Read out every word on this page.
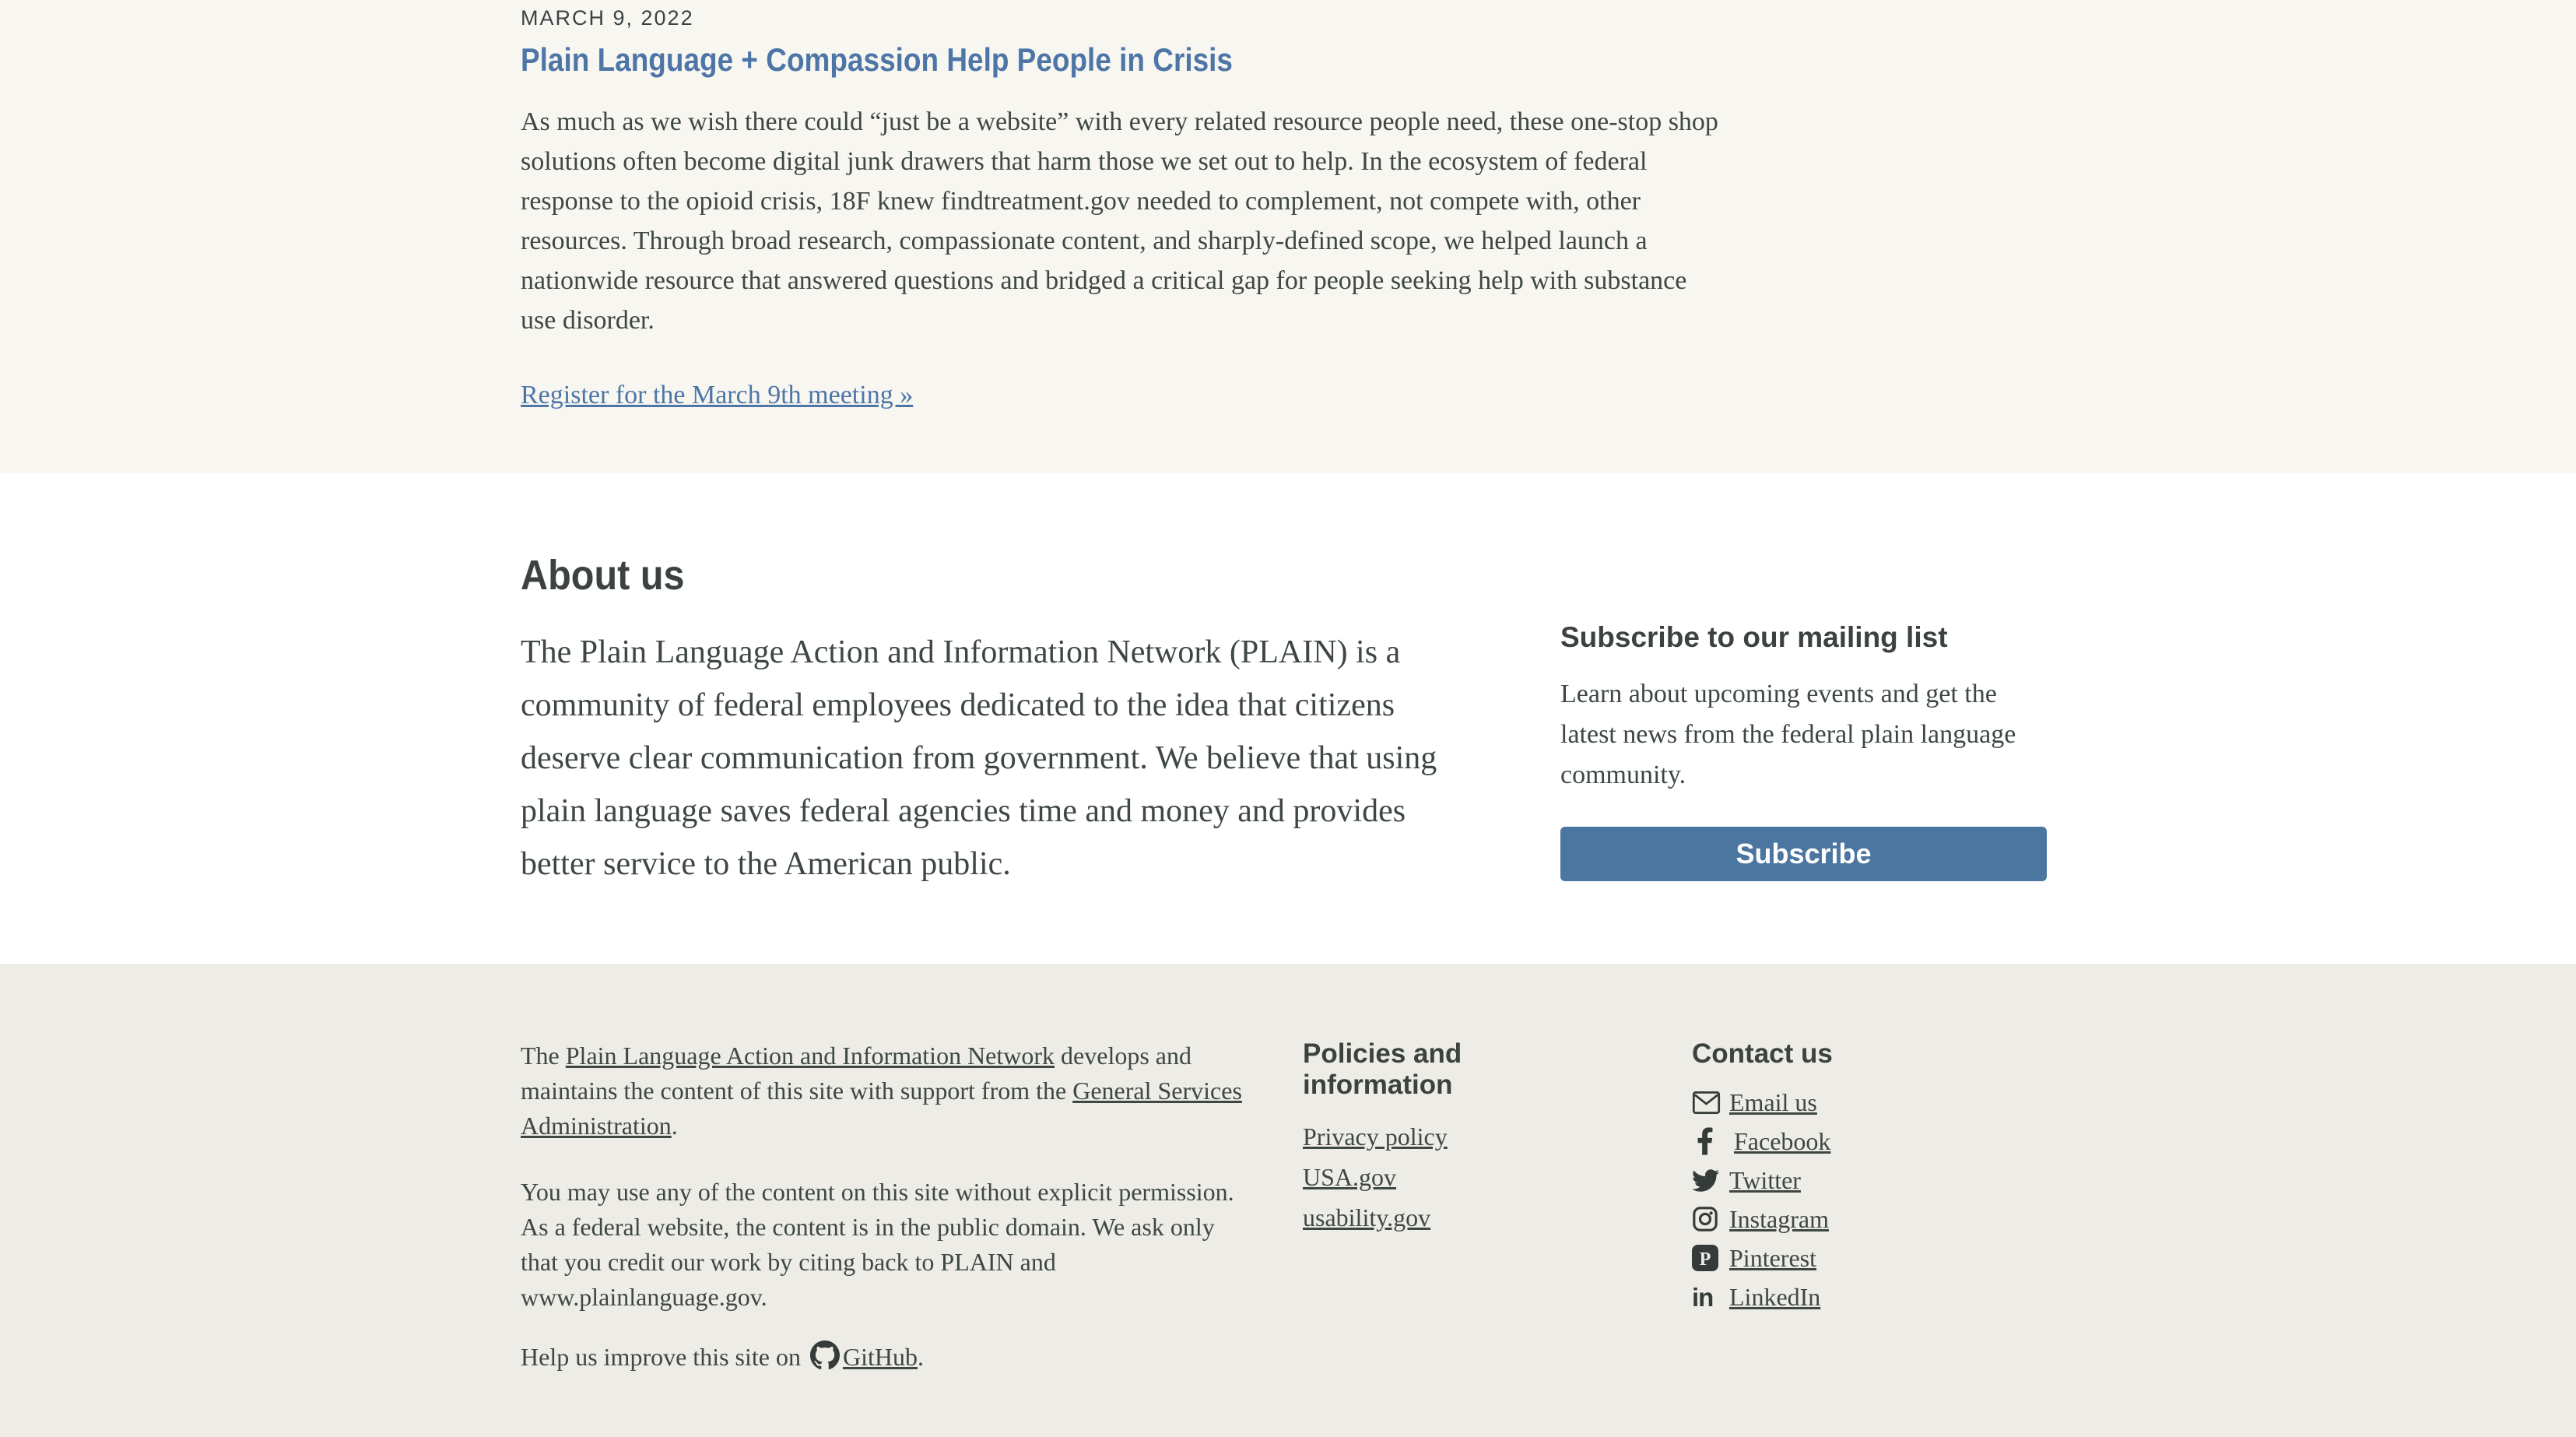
MARCH 9, 2022
Plain Language + Compassion Help People in Crisis

As much as we wish there could “just be a website” with every related resource people need, these one-stop shop solutions often become digital junk drawers that harm those we set out to help. In the ecosystem of federal response to the opioid crisis, 18F knew findtreatment.gov needed to complement, not compete with, other resources. Through broad research, compassionate content, and sharply-defined scope, we helped launch a nationwide resource that answered questions and bridged a critical gap for people seeking help with substance use disorder.

Register for the March 9th meeting »
About us

The Plain Language Action and Information Network (PLAIN) is a community of federal employees dedicated to the idea that citizens deserve clear communication from government. We believe that using plain language saves federal agencies time and money and provides better service to the American public.

Subscribe to our mailing list

Learn about upcoming events and get the latest news from the federal plain language community.

Subscribe

The Plain Language Action and Information Network develops and maintains the content of this site with support from the General Services Administration.

You may use any of the content on this site without explicit permission. As a federal website, the content is in the public domain. We ask only that you credit our work by citing back to PLAIN and www.plainlanguage.gov.

Help us improve this site on GitHub.

Policies and information
Privacy policy
USA.gov
usability.gov
Contact us
Email us
Facebook
Twitter
Instagram
P Pinterest
in LinkedIn
